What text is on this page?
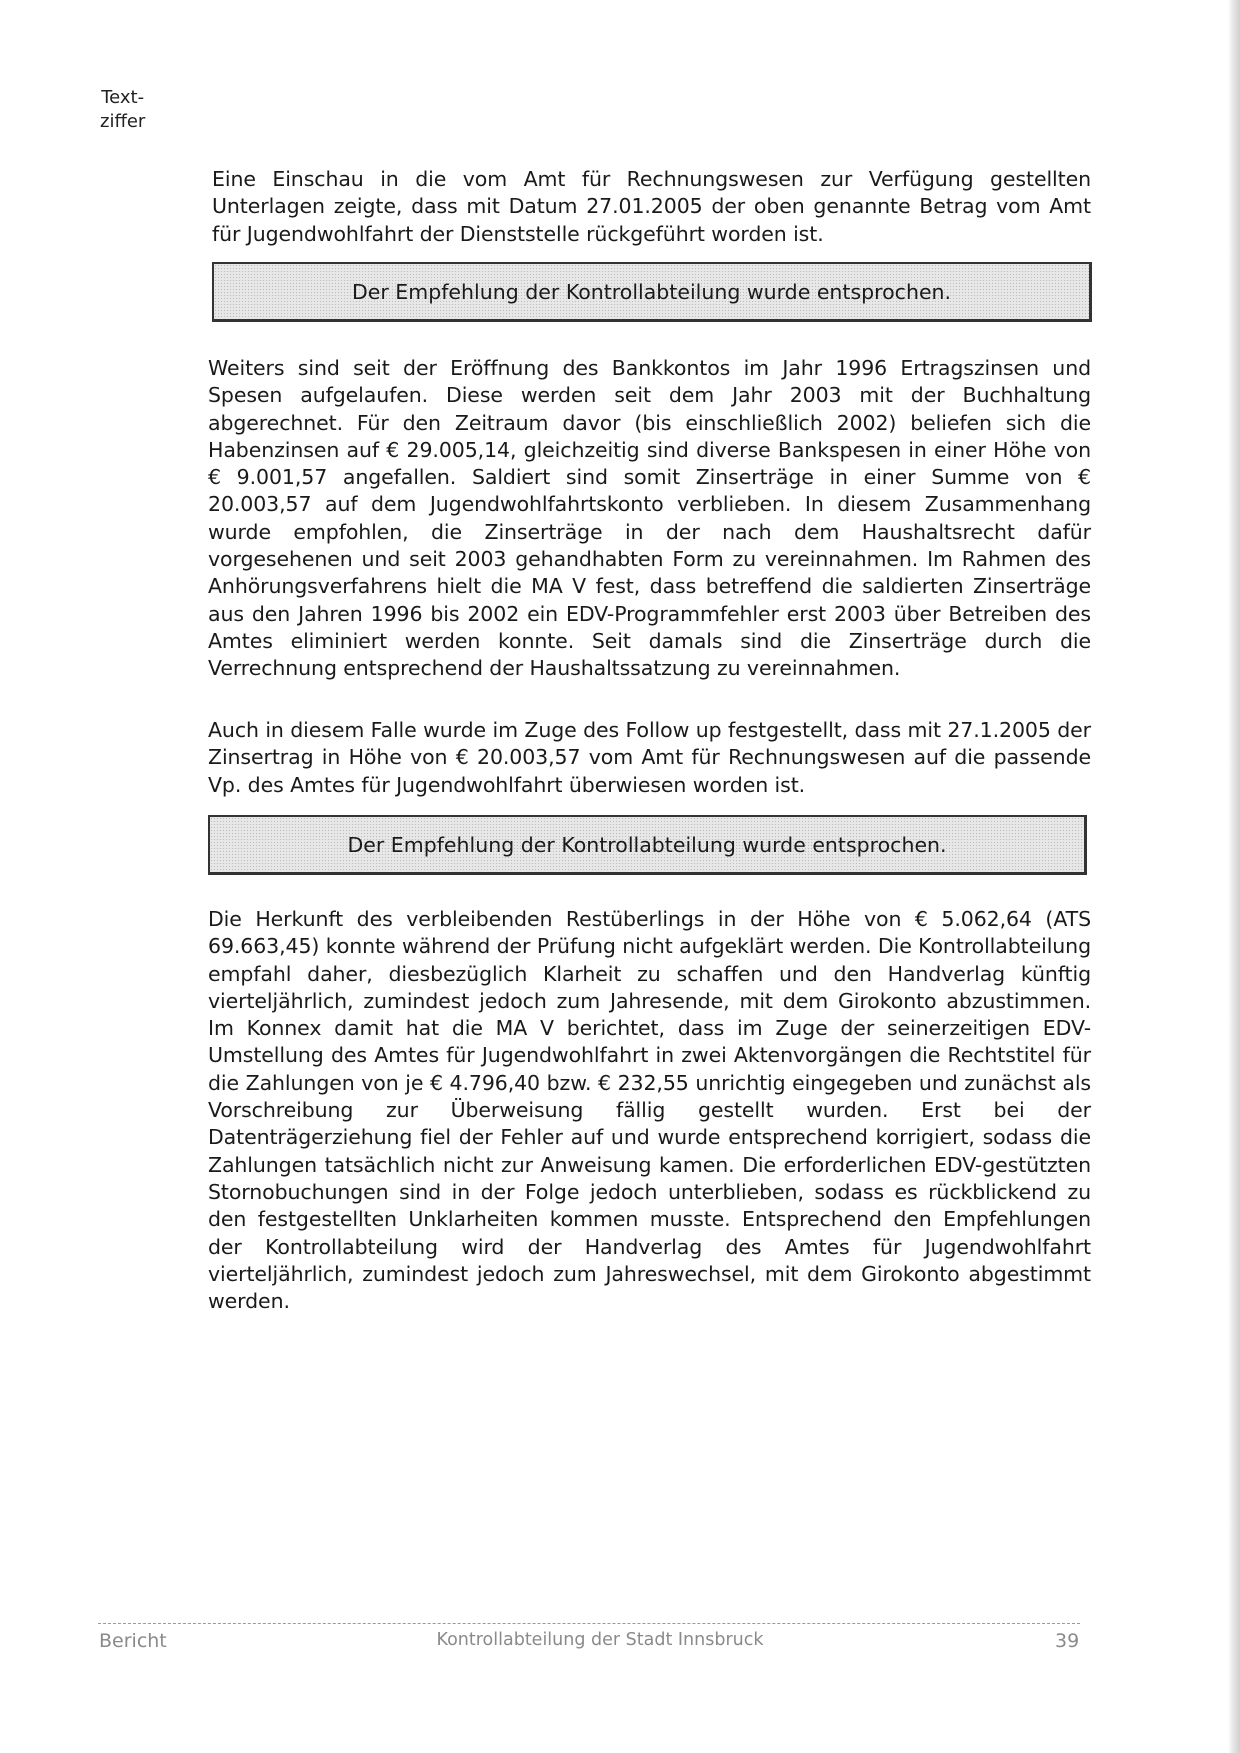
Text-
ziffer
Eine Einschau in die vom Amt für Rechnungswesen zur Verfügung gestellten Unterlagen zeigte, dass mit Datum 27.01.2005 der oben genannte Betrag vom Amt für Jugendwohlfahrt der Dienststelle rückgeführt worden ist.
Der Empfehlung der Kontrollabteilung wurde entsprochen.
Weiters sind seit der Eröffnung des Bankkontos im Jahr 1996 Ertragszinsen und Spesen aufgelaufen. Diese werden seit dem Jahr 2003 mit der Buchhaltung abgerechnet. Für den Zeitraum davor (bis einschließlich 2002) beliefen sich die Habenzinsen auf € 29.005,14, gleichzeitig sind diverse Bankspesen in einer Höhe von € 9.001,57 angefallen. Saldiert sind somit Zinserträge in einer Summe von € 20.003,57 auf dem Jugendwohlfahrtskonto verblieben. In diesem Zusammenhang wurde empfohlen, die Zinserträge in der nach dem Haushaltsrecht dafür vorgesehenen und seit 2003 gehandhabten Form zu vereinnahmen. Im Rahmen des Anhörungsverfahrens hielt die MA V fest, dass betreffend die saldierten Zinserträge aus den Jahren 1996 bis 2002 ein EDV-Programmfehler erst 2003 über Betreiben des Amtes eliminiert werden konnte. Seit damals sind die Zinserträge durch die Verrechnung entsprechend der Haushaltssatzung zu vereinnahmen.
Auch in diesem Falle wurde im Zuge des Follow up festgestellt, dass mit 27.1.2005 der Zinsertrag in Höhe von € 20.003,57 vom Amt für Rechnungswesen auf die passende Vp. des Amtes für Jugendwohlfahrt überwiesen worden ist.
Der Empfehlung der Kontrollabteilung wurde entsprochen.
Die Herkunft des verbleibenden Restüberlings in der Höhe von € 5.062,64 (ATS 69.663,45) konnte während der Prüfung nicht aufgeklärt werden. Die Kontrollabteilung empfahl daher, diesbezüglich Klarheit zu schaffen und den Handverlag künftig vierteljährlich, zumindest jedoch zum Jahresende, mit dem Girokonto abzustimmen. Im Konnex damit hat die MA V berichtet, dass im Zuge der seinerzeitigen EDV-Umstellung des Amtes für Jugendwohlfahrt in zwei Aktenvorgängen die Rechtstitel für die Zahlungen von je € 4.796,40 bzw. € 232,55 unrichtig eingegeben und zunächst als Vorschreibung zur Überweisung fällig gestellt wurden. Erst bei der Datenträgerziehung fiel der Fehler auf und wurde entsprechend korrigiert, sodass die Zahlungen tatsächlich nicht zur Anweisung kamen. Die erforderlichen EDV-gestützten Stornobuchungen sind in der Folge jedoch unterblieben, sodass es rückblickend zu den festgestellten Unklarheiten kommen musste. Entsprechend den Empfehlungen der Kontrollabteilung wird der Handverlag des Amtes für Jugendwohlfahrt vierteljährlich, zumindest jedoch zum Jahreswechsel, mit dem Girokonto abgestimmt werden.
Bericht	Kontrollabteilung der Stadt Innsbruck	39
